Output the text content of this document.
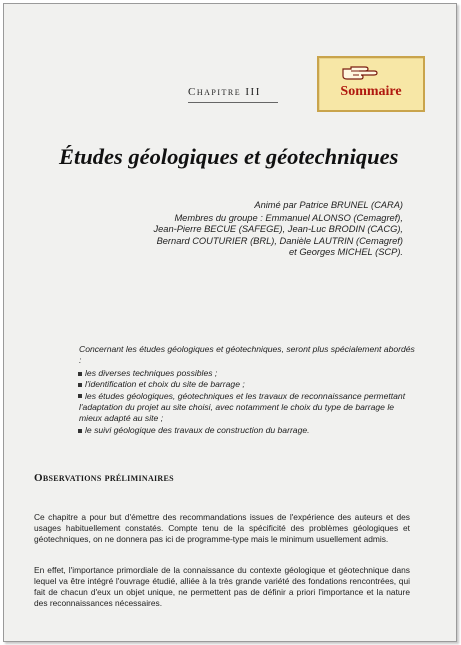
Chapitre III	Sommaire
Études géologiques et géotechniques
Animé par Patrice BRUNEL (CARA)
Membres du groupe : Emmanuel ALONSO (Cemagref),
Jean-Pierre BECUE (SAFEGE), Jean-Luc BRODIN (CACG),
Bernard COUTURIER (BRL), Danièle LAUTRIN (Cemagref)
et Georges MICHEL (SCP).

Concernant les études géologiques et géotechniques, seront plus spécialement abordés :

les diverses techniques possibles ;
l'identification et choix du site de barrage ;
les études géologiques, géotechniques et les travaux de reconnaissance permettant l'adaptation du projet au site choisi, avec notamment le choix du type de barrage le mieux adapté au site ;
le suivi géologique des travaux de construction du barrage.
Observations préliminaires

Ce chapitre a pour but d'émettre des recommandations issues de l'expérience des auteurs et des usages habituellement constatés. Compte tenu de la spécificité des problèmes géologiques et géotechniques, on ne donnera pas ici de programme-type mais le minimum usuellement admis.

En effet, l'importance primordiale de la connaissance du contexte géologique et géotechnique dans lequel va être intégré l'ouvrage étudié, alliée à la très grande variété des fondations rencontrées, qui fait de chacun d'eux un objet unique, ne permettent pas de définir a priori l'importance et la nature des reconnaissances nécessaires.
